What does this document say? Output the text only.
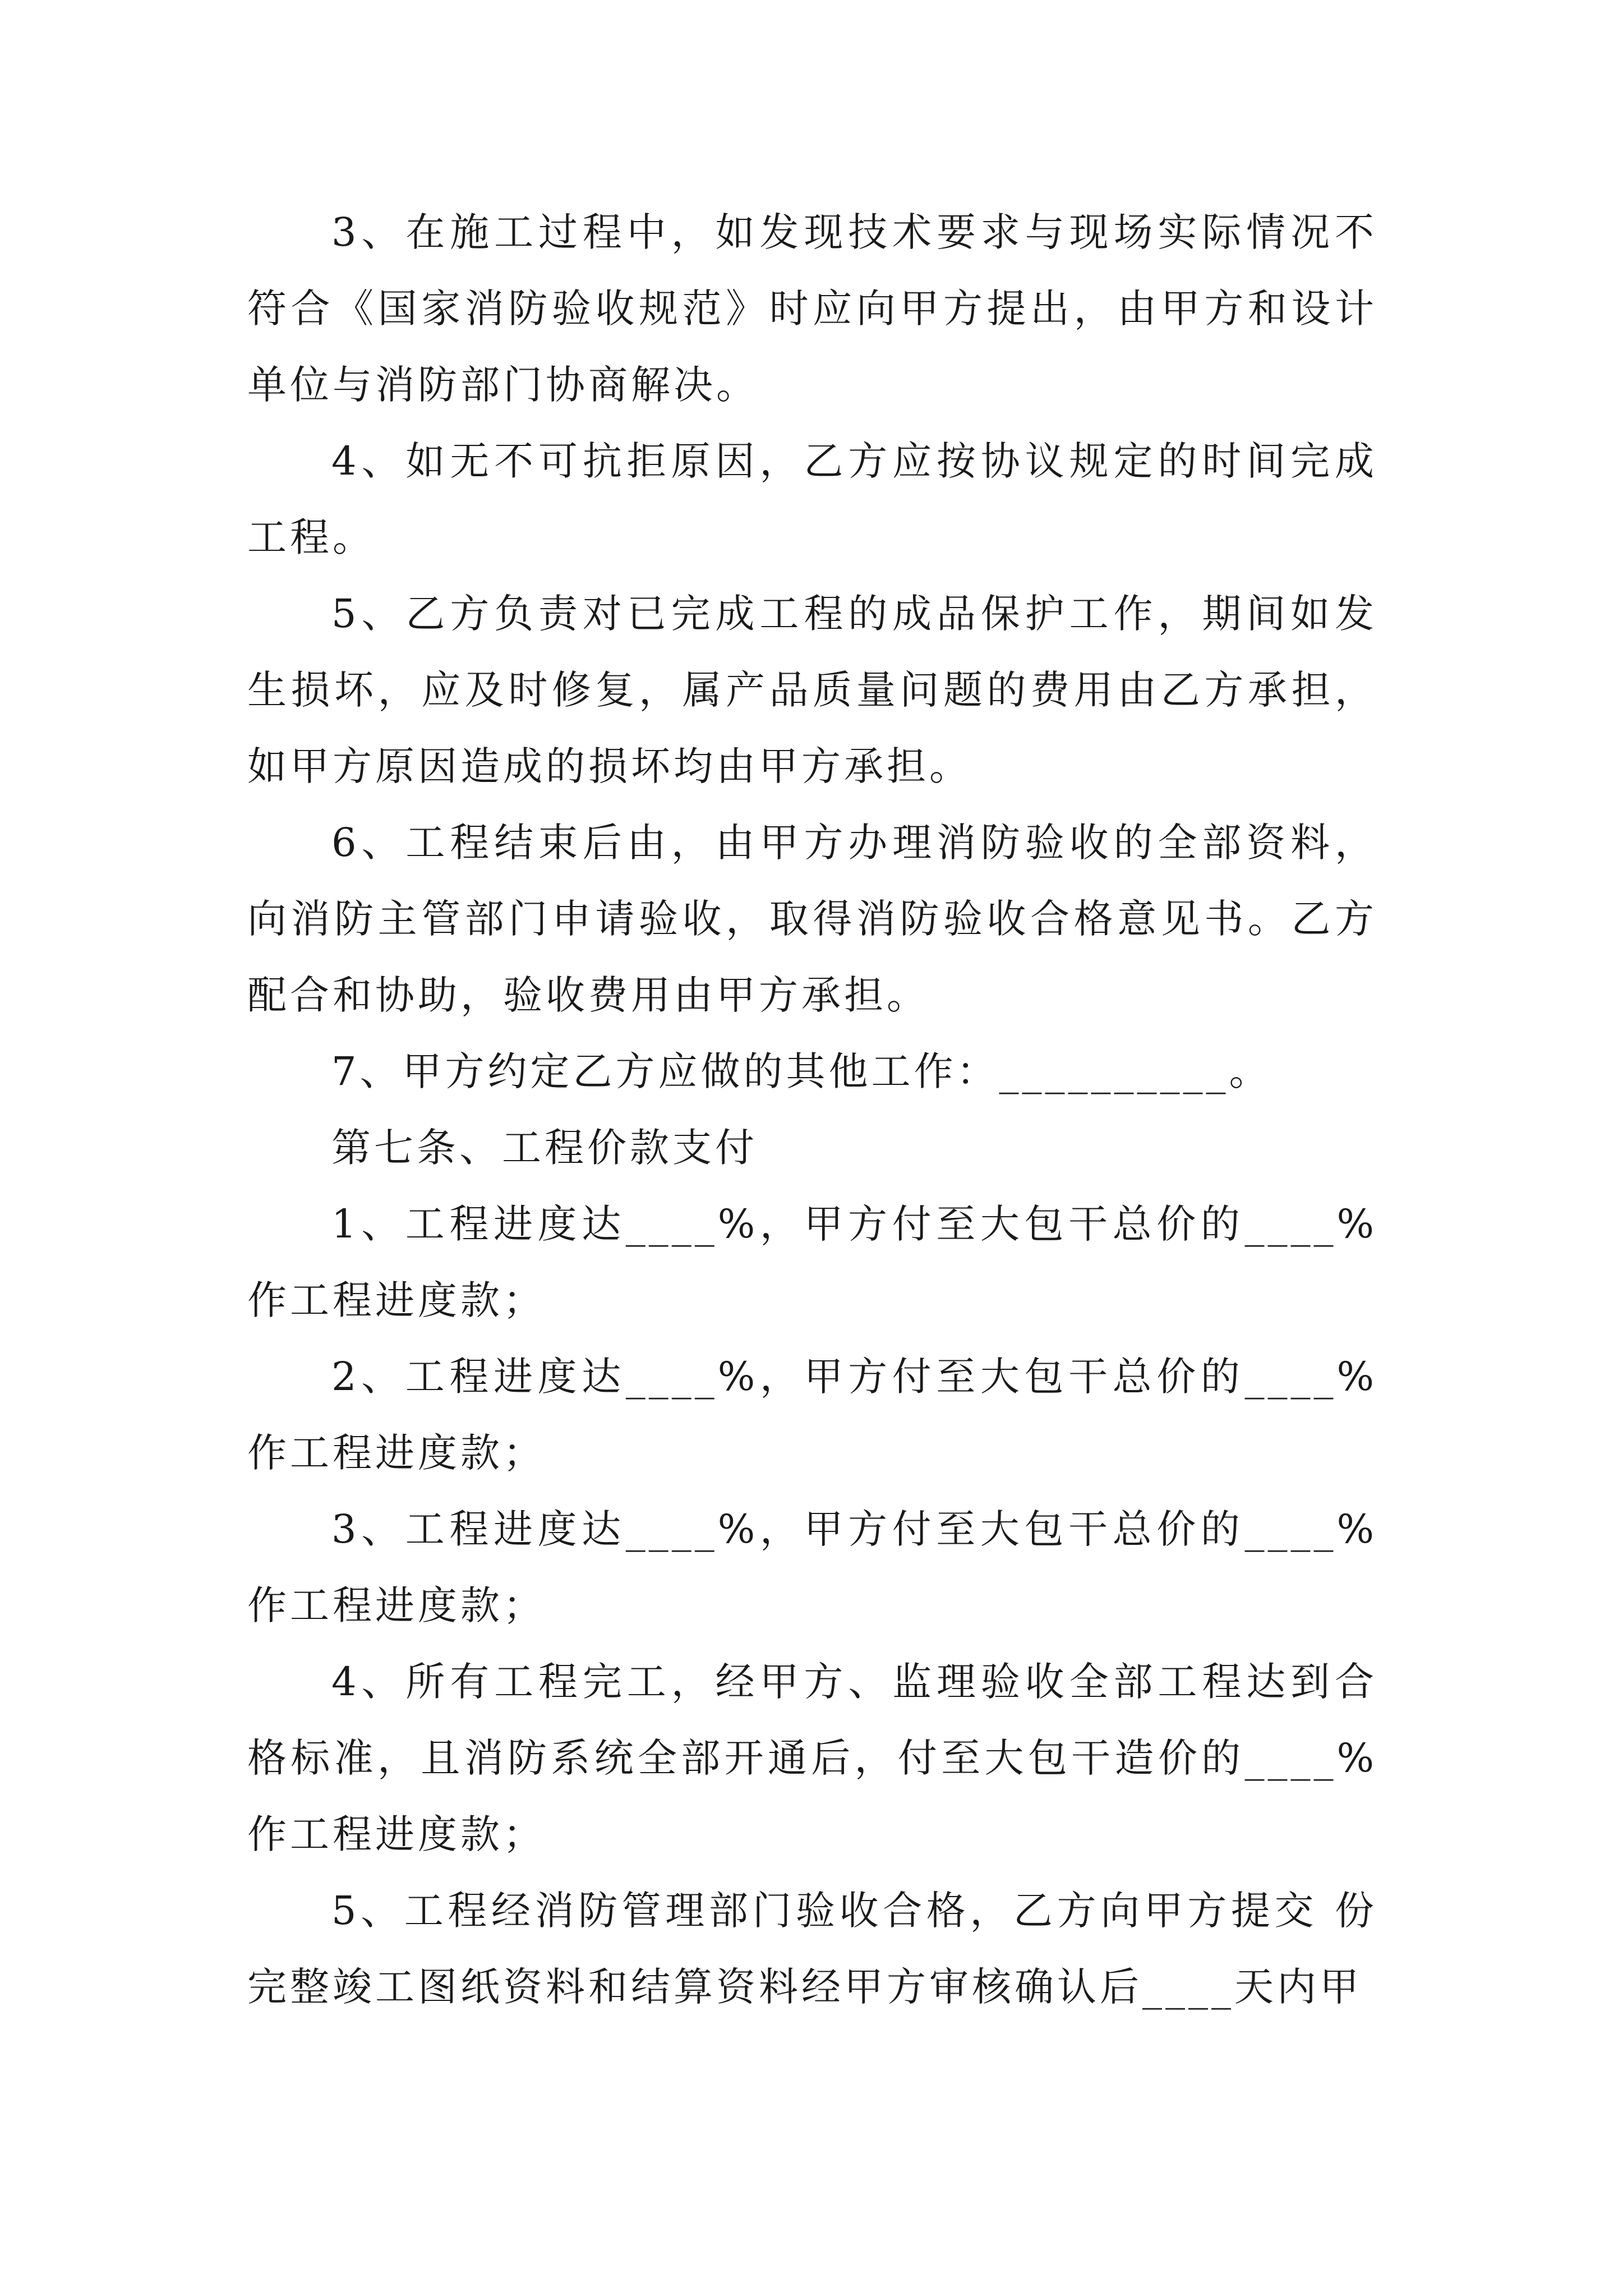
3、在施工过程中，如发现技术要求与现场实际情况不符合《国家消防验收规范》时应向甲方提出，由甲方和设计单位与消防部门协商解决。

4、如无不可抗拒原因，乙方应按协议规定的时间完成工程。

5、乙方负责对已完成工程的成品保护工作，期间如发生损坏，应及时修复，属产品质量问题的费用由乙方承担，如甲方原因造成的损坏均由甲方承担。

6、工程结束后由，由甲方办理消防验收的全部资料，向消防主管部门申请验收，取得消防验收合格意见书。乙方配合和协助，验收费用由甲方承担。

7、甲方约定乙方应做的其他工作：__________。

第七条、工程价款支付

1、工程进度达____%，甲方付至大包干总价的____%作工程进度款；

2、工程进度达____%，甲方付至大包干总价的____%作工程进度款；

3、工程进度达____%，甲方付至大包干总价的____%作工程进度款；

4、所有工程完工，经甲方、监理验收全部工程达到合格标准，且消防系统全部开通后，付至大包干造价的____%作工程进度款；

5、工程经消防管理部门验收合格，乙方向甲方提交 份完整竣工图纸资料和结算资料经甲方审核确认后____天内甲
